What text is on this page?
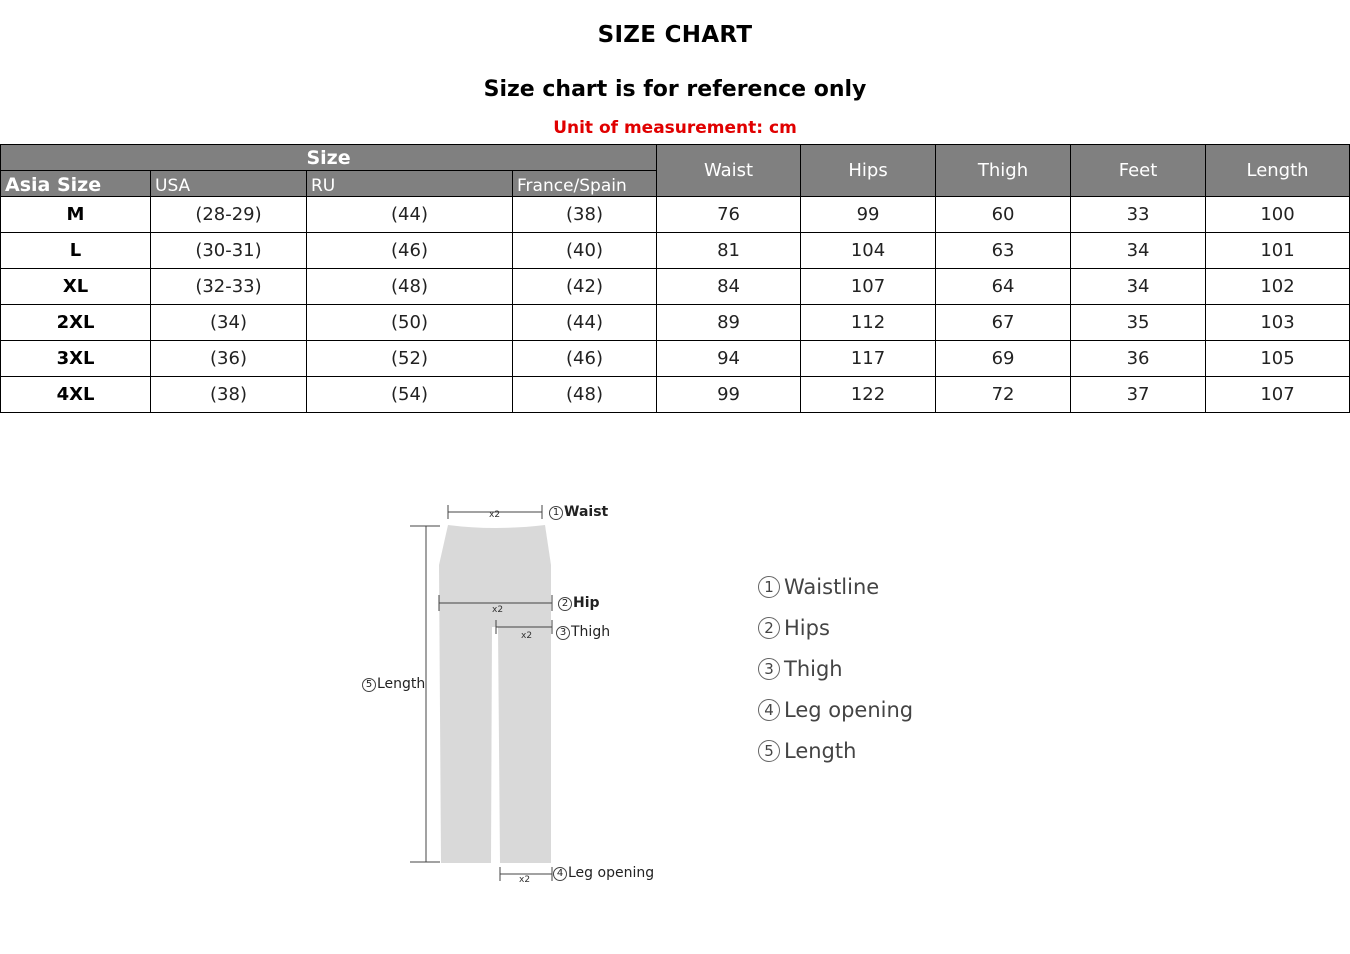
SIZE CHART
Size chart is for reference only
Unit of measurement: cm
Size				Waist	Hips	Thigh	Feet	Length
Asia Size	USA	RU	France/Spain					
M	(28-29)	(44)	(38)	76	99	60	33	100
L	(30-31)	(46)	(40)	81	104	63	34	101
XL	(32-33)	(48)	(42)	84	107	64	34	102
2XL	(34)	(50)	(44)	89	112	67	35	103
3XL	(36)	(52)	(46)	94	117	69	36	105
4XL	(38)	(54)	(48)	99	122	72	37	107
x2
x2
x2
x2
1 Waist
2 Hip
3 Thigh
5 Length
4 Leg opening
1 Waistline
2 Hips
3 Thigh
4 Leg opening
5 Length
